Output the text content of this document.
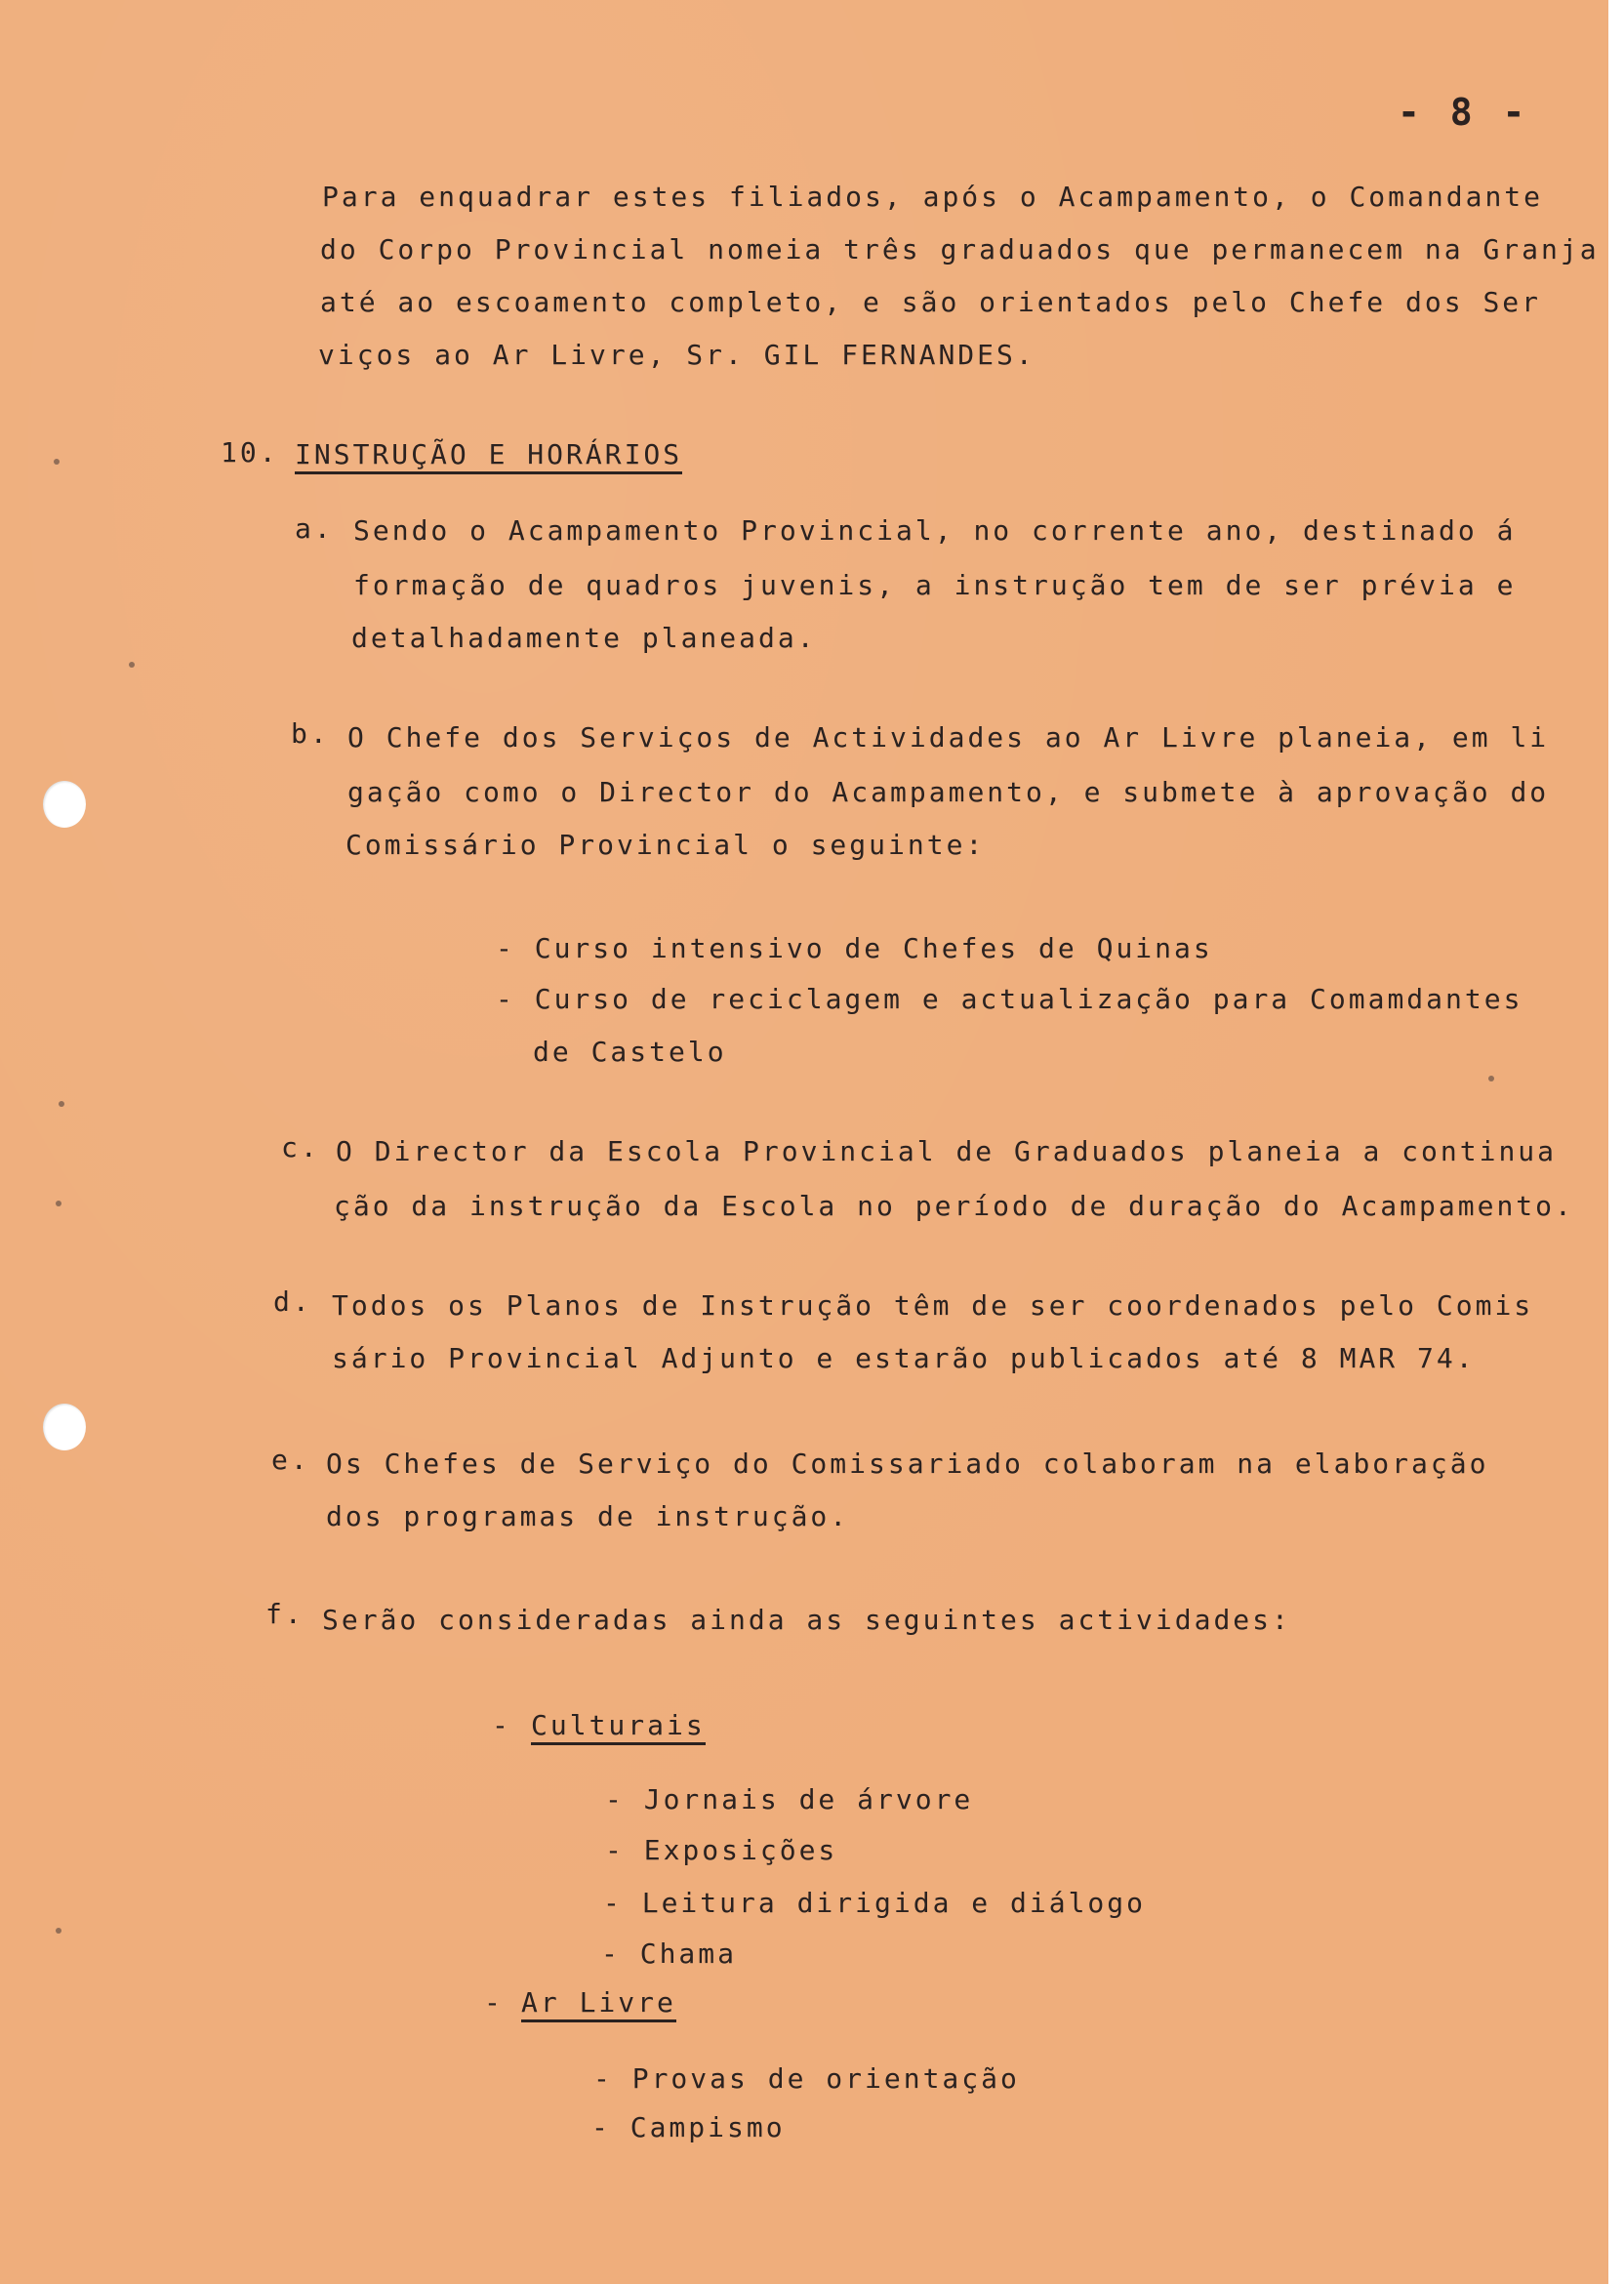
- 8 -
Para enquadrar estes filiados, após o Acampamento, o Comandante
do Corpo Provincial nomeia três graduados que permanecem na Granja
até ao escoamento completo, e são orientados pelo Chefe dos Ser
viços ao Ar Livre, Sr. GIL FERNANDES.
10. INSTRUÇÃO E HORÁRIOS
a. Sendo o Acampamento Provincial, no corrente ano, destinado á
formação de quadros juvenis, a instrução tem de ser prévia e
detalhadamente planeada.
b. O Chefe dos Serviços de Actividades ao Ar Livre planeia, em li
gação como o Director do Acampamento, e submete à aprovação do
Comissário Provincial o seguinte:
- Curso intensivo de Chefes de Quinas
- Curso de reciclagem e actualização para Comamdantes
de Castelo
c. O Director da Escola Provincial de Graduados planeia a continua
ção da instrução da Escola no período de duração do Acampamento.
d. Todos os Planos de Instrução têm de ser coordenados pelo Comis
sário Provincial Adjunto e estarão publicados até 8 MAR 74.
e. Os Chefes de Serviço do Comissariado colaboram na elaboração
dos programas de instrução.
f. Serão consideradas ainda as seguintes actividades:
- Culturais
- Jornais de árvore
- Exposições
- Leitura dirigida e diálogo
- Chama
- Ar Livre
- Provas de orientação
- Campismo
